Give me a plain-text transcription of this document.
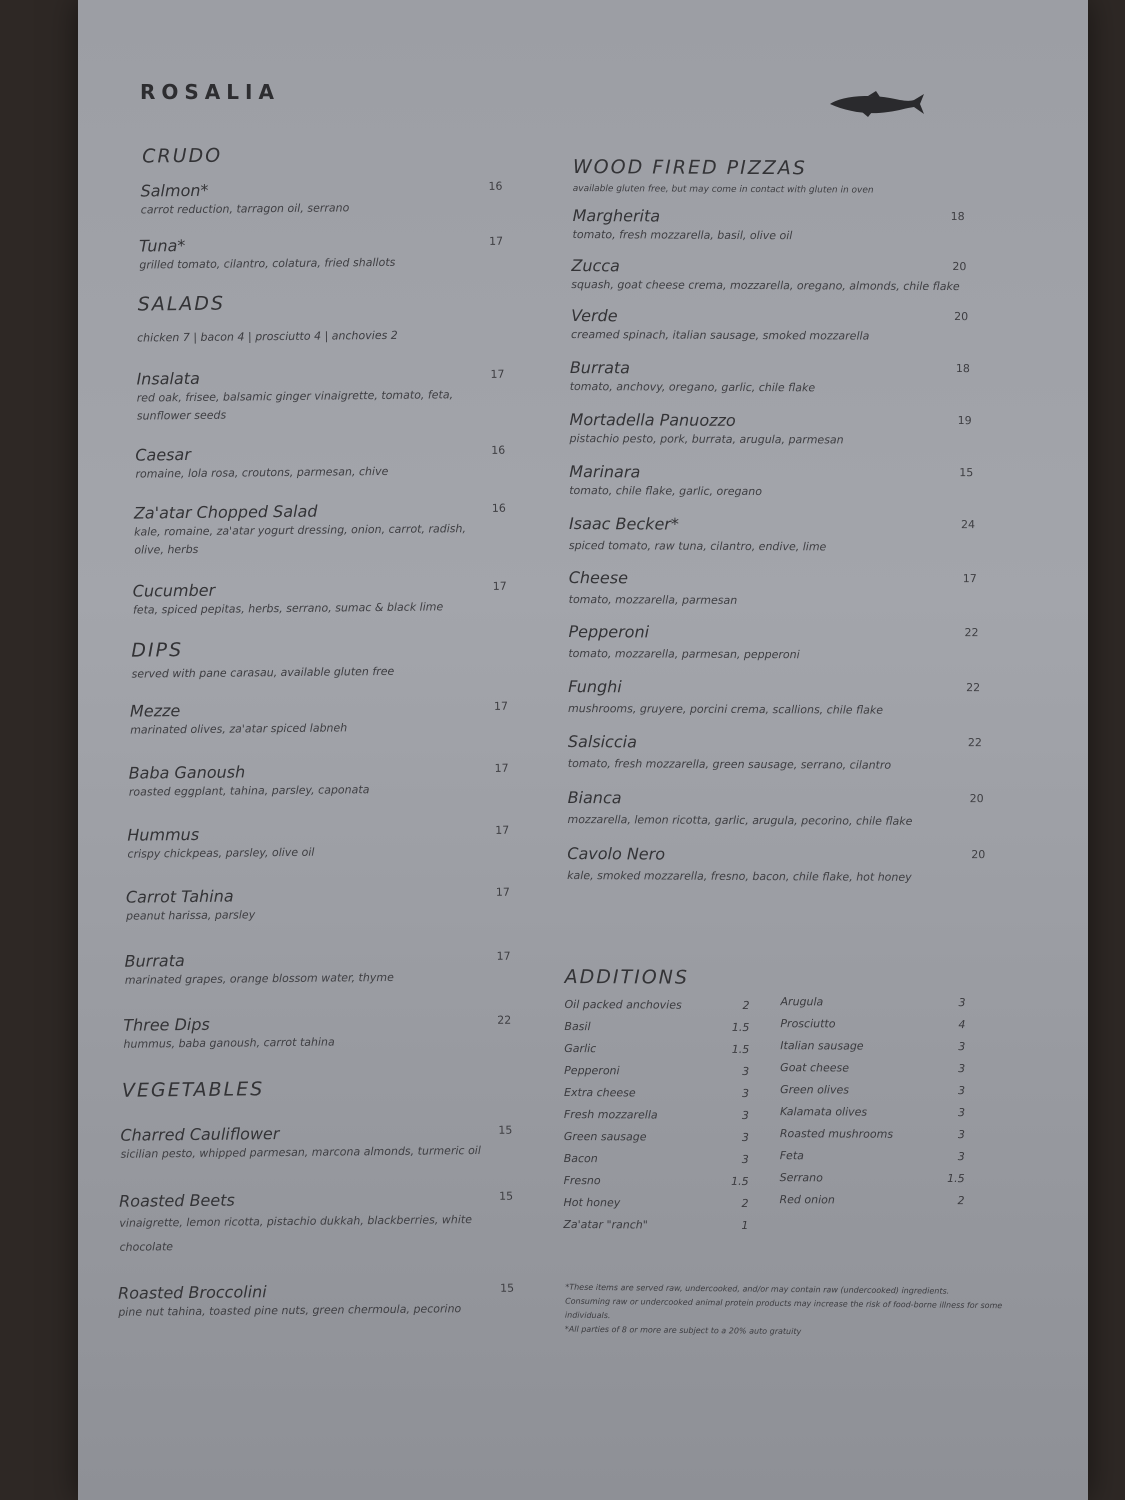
ROSALIA
CRUDO
Salmon*
carrot reduction, tarragon oil, serrano
16
Tuna*
grilled tomato, cilantro, colatura, fried shallots
17
SALADS
chicken 7 | bacon 4 | prosciutto 4 | anchovies 2
Insalata
red oak, frisee, balsamic ginger vinaigrette, tomato, feta, sunflower seeds
17
Caesar
romaine, lola rosa, croutons, parmesan, chive
16
Za'atar Chopped Salad
kale, romaine, za'atar yogurt dressing, onion, carrot, radish, olive, herbs
16
Cucumber
feta, spiced pepitas, herbs, serrano, sumac & black lime
17
DIPS
served with pane carasau, available gluten free
Mezze
marinated olives, za'atar spiced labneh
17
Baba Ganoush
roasted eggplant, tahina, parsley, caponata
17
Hummus
crispy chickpeas, parsley, olive oil
17
Carrot Tahina
peanut harissa, parsley
17
Burrata
marinated grapes, orange blossom water, thyme
17
Three Dips
hummus, baba ganoush, carrot tahina
22
VEGETABLES
Charred Cauliflower
sicilian pesto, whipped parmesan, marcona almonds, turmeric oil
15
Roasted Beets
vinaigrette, lemon ricotta, pistachio dukkah, blackberries, white chocolate
15
Roasted Broccolini
pine nut tahina, toasted pine nuts, green chermoula, pecorino
15
WOOD FIRED PIZZAS
available gluten free, but may come in contact with gluten in oven
Margherita
tomato, fresh mozzarella, basil, olive oil
18
Zucca
squash, goat cheese crema, mozzarella, oregano, almonds, chile flake
20
Verde
creamed spinach, italian sausage, smoked mozzarella
20
Burrata
tomato, anchovy, oregano, garlic, chile flake
18
Mortadella Panuozzo
pistachio pesto, pork, burrata, arugula, parmesan
19
Marinara
tomato, chile flake, garlic, oregano
15
Isaac Becker*
spiced tomato, raw tuna, cilantro, endive, lime
24
Cheese
tomato, mozzarella, parmesan
17
Pepperoni
tomato, mozzarella, parmesan, pepperoni
22
Funghi
mushrooms, gruyere, porcini crema, scallions, chile flake
22
Salsiccia
tomato, fresh mozzarella, green sausage, serrano, cilantro
22
Bianca
mozzarella, lemon ricotta, garlic, arugula, pecorino, chile flake
20
Cavolo Nero
kale, smoked mozzarella, fresno, bacon, chile flake, hot honey
20
ADDITIONS
Oil packed anchovies	2
Basil	1.5
Garlic	1.5
Pepperoni	3
Extra cheese	3
Fresh mozzarella	3
Green sausage	3
Bacon	3
Fresno	1.5
Hot honey	2
Za'atar "ranch"	1
Arugula	3
Prosciutto	4
Italian sausage	3
Goat cheese	3
Green olives	3
Kalamata olives	3
Roasted mushrooms	3
Feta	3
Serrano	1.5
Red onion	2
*These items are served raw, undercooked, and/or may contain raw (undercooked) ingredients.
Consuming raw or undercooked animal protein products may increase the risk of food-borne illness for some individuals.
*All parties of 8 or more are subject to a 20% auto gratuity
